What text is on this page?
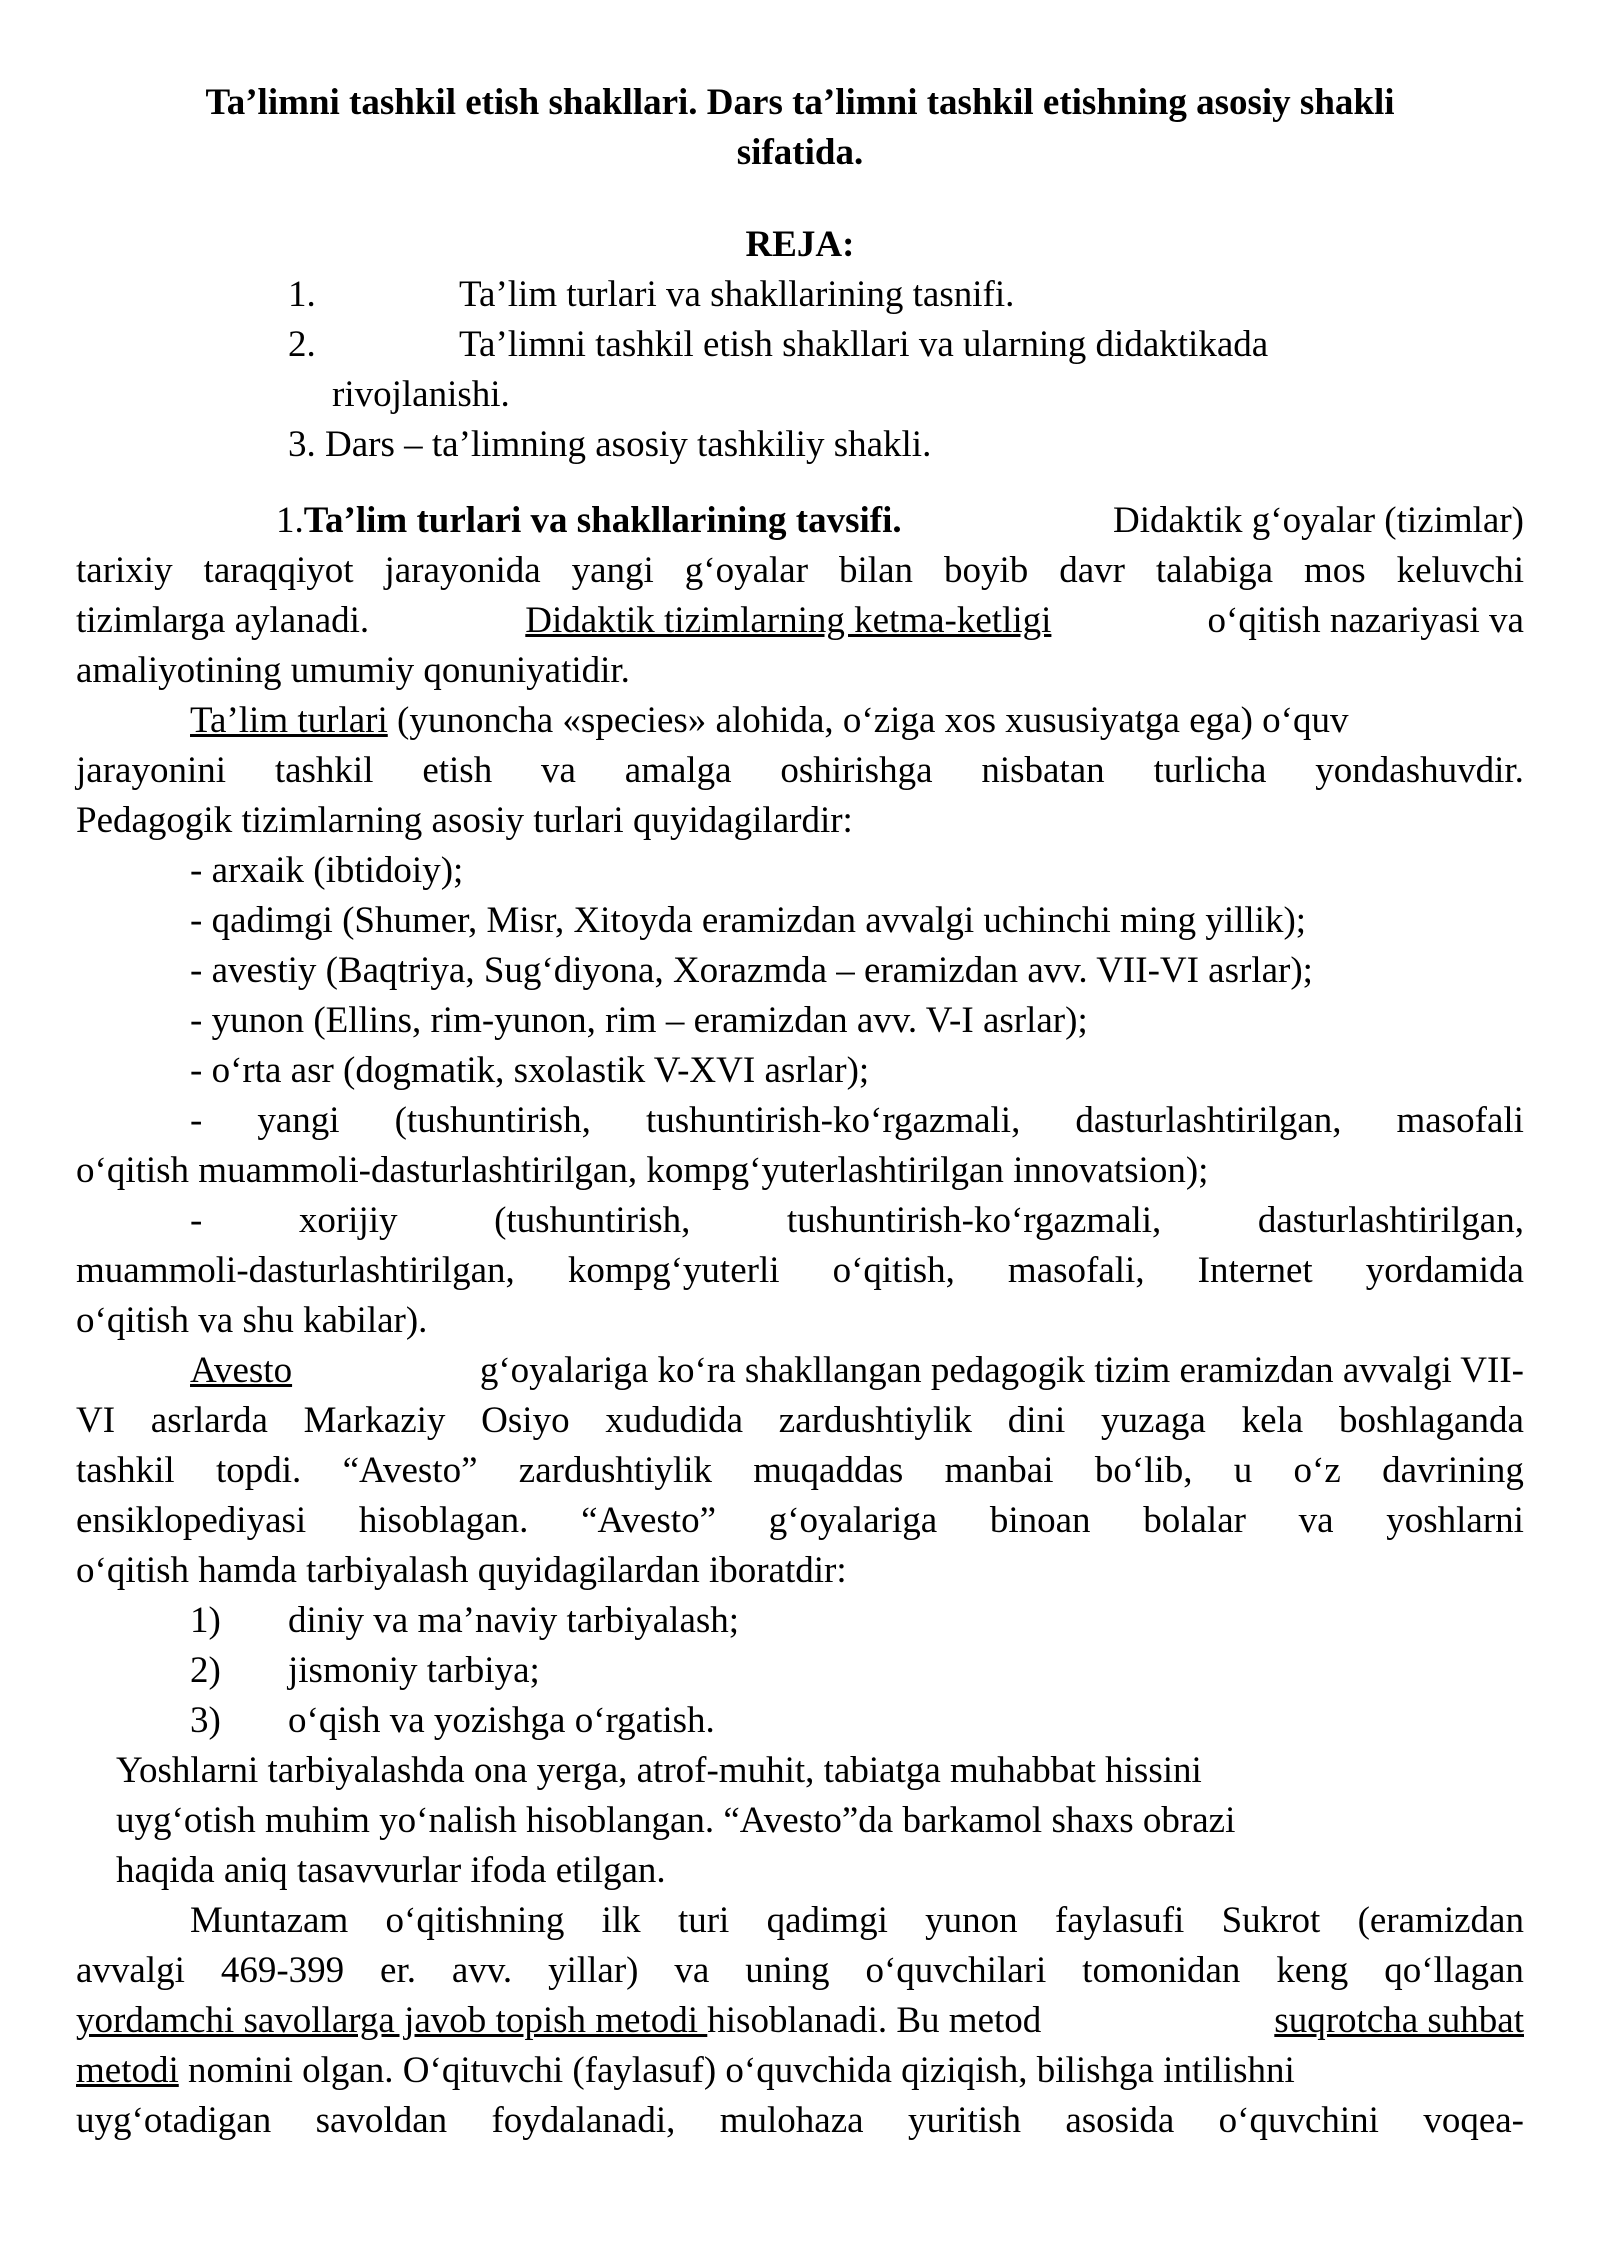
Ta’limni tashkil etish shakllari. Dars ta’limni tashkil etishning asosiy shakli
sifatida.
REJA:
1.	Ta’lim turlari va shakllarining tasnifi.
2.	Ta’limni tashkil etish shakllari va ularning didaktikada
rivojlanishi.
3. Dars – ta’limning asosiy tashkiliy shakli.
1.Ta’lim turlari va shakllarining tavsifi.	Didaktik g‘oyalar (tizimlar)
tarixiy taraqqiyot jarayonida yangi g‘oyalar bilan boyib davr talabiga mos keluvchi
tizimlarga aylanadi.	Didaktik tizimlarning ketma-ketligi	o‘qitish nazariyasi va
amaliyotining umumiy qonuniyatidir.
Ta’lim turlari (yunoncha «species» alohida, o‘ziga xos xususiyatga ega) o‘quv
jarayonini tashkil etish va amalga oshirishga nisbatan turlicha yondashuvdir.
Pedagogik tizimlarning asosiy turlari quyidagilardir:
- arxaik (ibtidoiy);
- qadimgi (Shumer, Misr, Xitoyda eramizdan avvalgi uchinchi ming yillik);
- avestiy (Baqtriya, Sug‘diyona, Xorazmda – eramizdan avv. VII-VI asrlar);
- yunon (Ellins, rim-yunon, rim – eramizdan avv. V-I asrlar);
- o‘rta asr (dogmatik, sxolastik V-XVI asrlar);
- yangi (tushuntirish, tushuntirish-ko‘rgazmali, dasturlashtirilgan, masofali
o‘qitish muammoli-dasturlashtirilgan, kompg‘yuterlashtirilgan innovatsion);
-	xorijiy	(tushuntirish,	tushuntirish-ko‘rgazmali,	dasturlashtirilgan,
muammoli-dasturlashtirilgan, kompg‘yuterli o‘qitish, masofali, Internet yordamida
o‘qitish va shu kabilar).
Avesto	g‘oyalariga ko‘ra shakllangan pedagogik tizim eramizdan avvalgi VII-
VI asrlarda Markaziy Osiyo xududida zardushtiylik dini yuzaga kela boshlaganda
tashkil topdi. “Avesto” zardushtiylik muqaddas manbai bo‘lib, u o‘z davrining
ensiklopediyasi hisoblagan. “Avesto” g‘oyalariga binoan bolalar va yoshlarni
o‘qitish hamda tarbiyalash quyidagilardan iboratdir:
1) diniy va ma’naviy tarbiyalash;
2) jismoniy tarbiya;
3) o‘qish va yozishga o‘rgatish.
Yoshlarni tarbiyalashda ona yerga, atrof-muhit, tabiatga muhabbat hissini
uyg‘otish muhim yo‘nalish hisoblangan. “Avesto”da barkamol shaxs obrazi
haqida aniq tasavvurlar ifoda etilgan.
Muntazam o‘qitishning ilk turi qadimgi yunon faylasufi Sukrot (eramizdan
avvalgi 469-399 er. avv. yillar) va uning o‘quvchilari tomonidan keng qo‘llagan
yordamchi savollarga javob topish metodi hisoblanadi. Bu metod	suqrotcha suhbat
metodi nomini olgan. O‘qituvchi (faylasuf) o‘quvchida qiziqish, bilishga intilishni
uyg‘otadigan savoldan foydalanadi, mulohaza yuritish asosida o‘quvchini voqea-
